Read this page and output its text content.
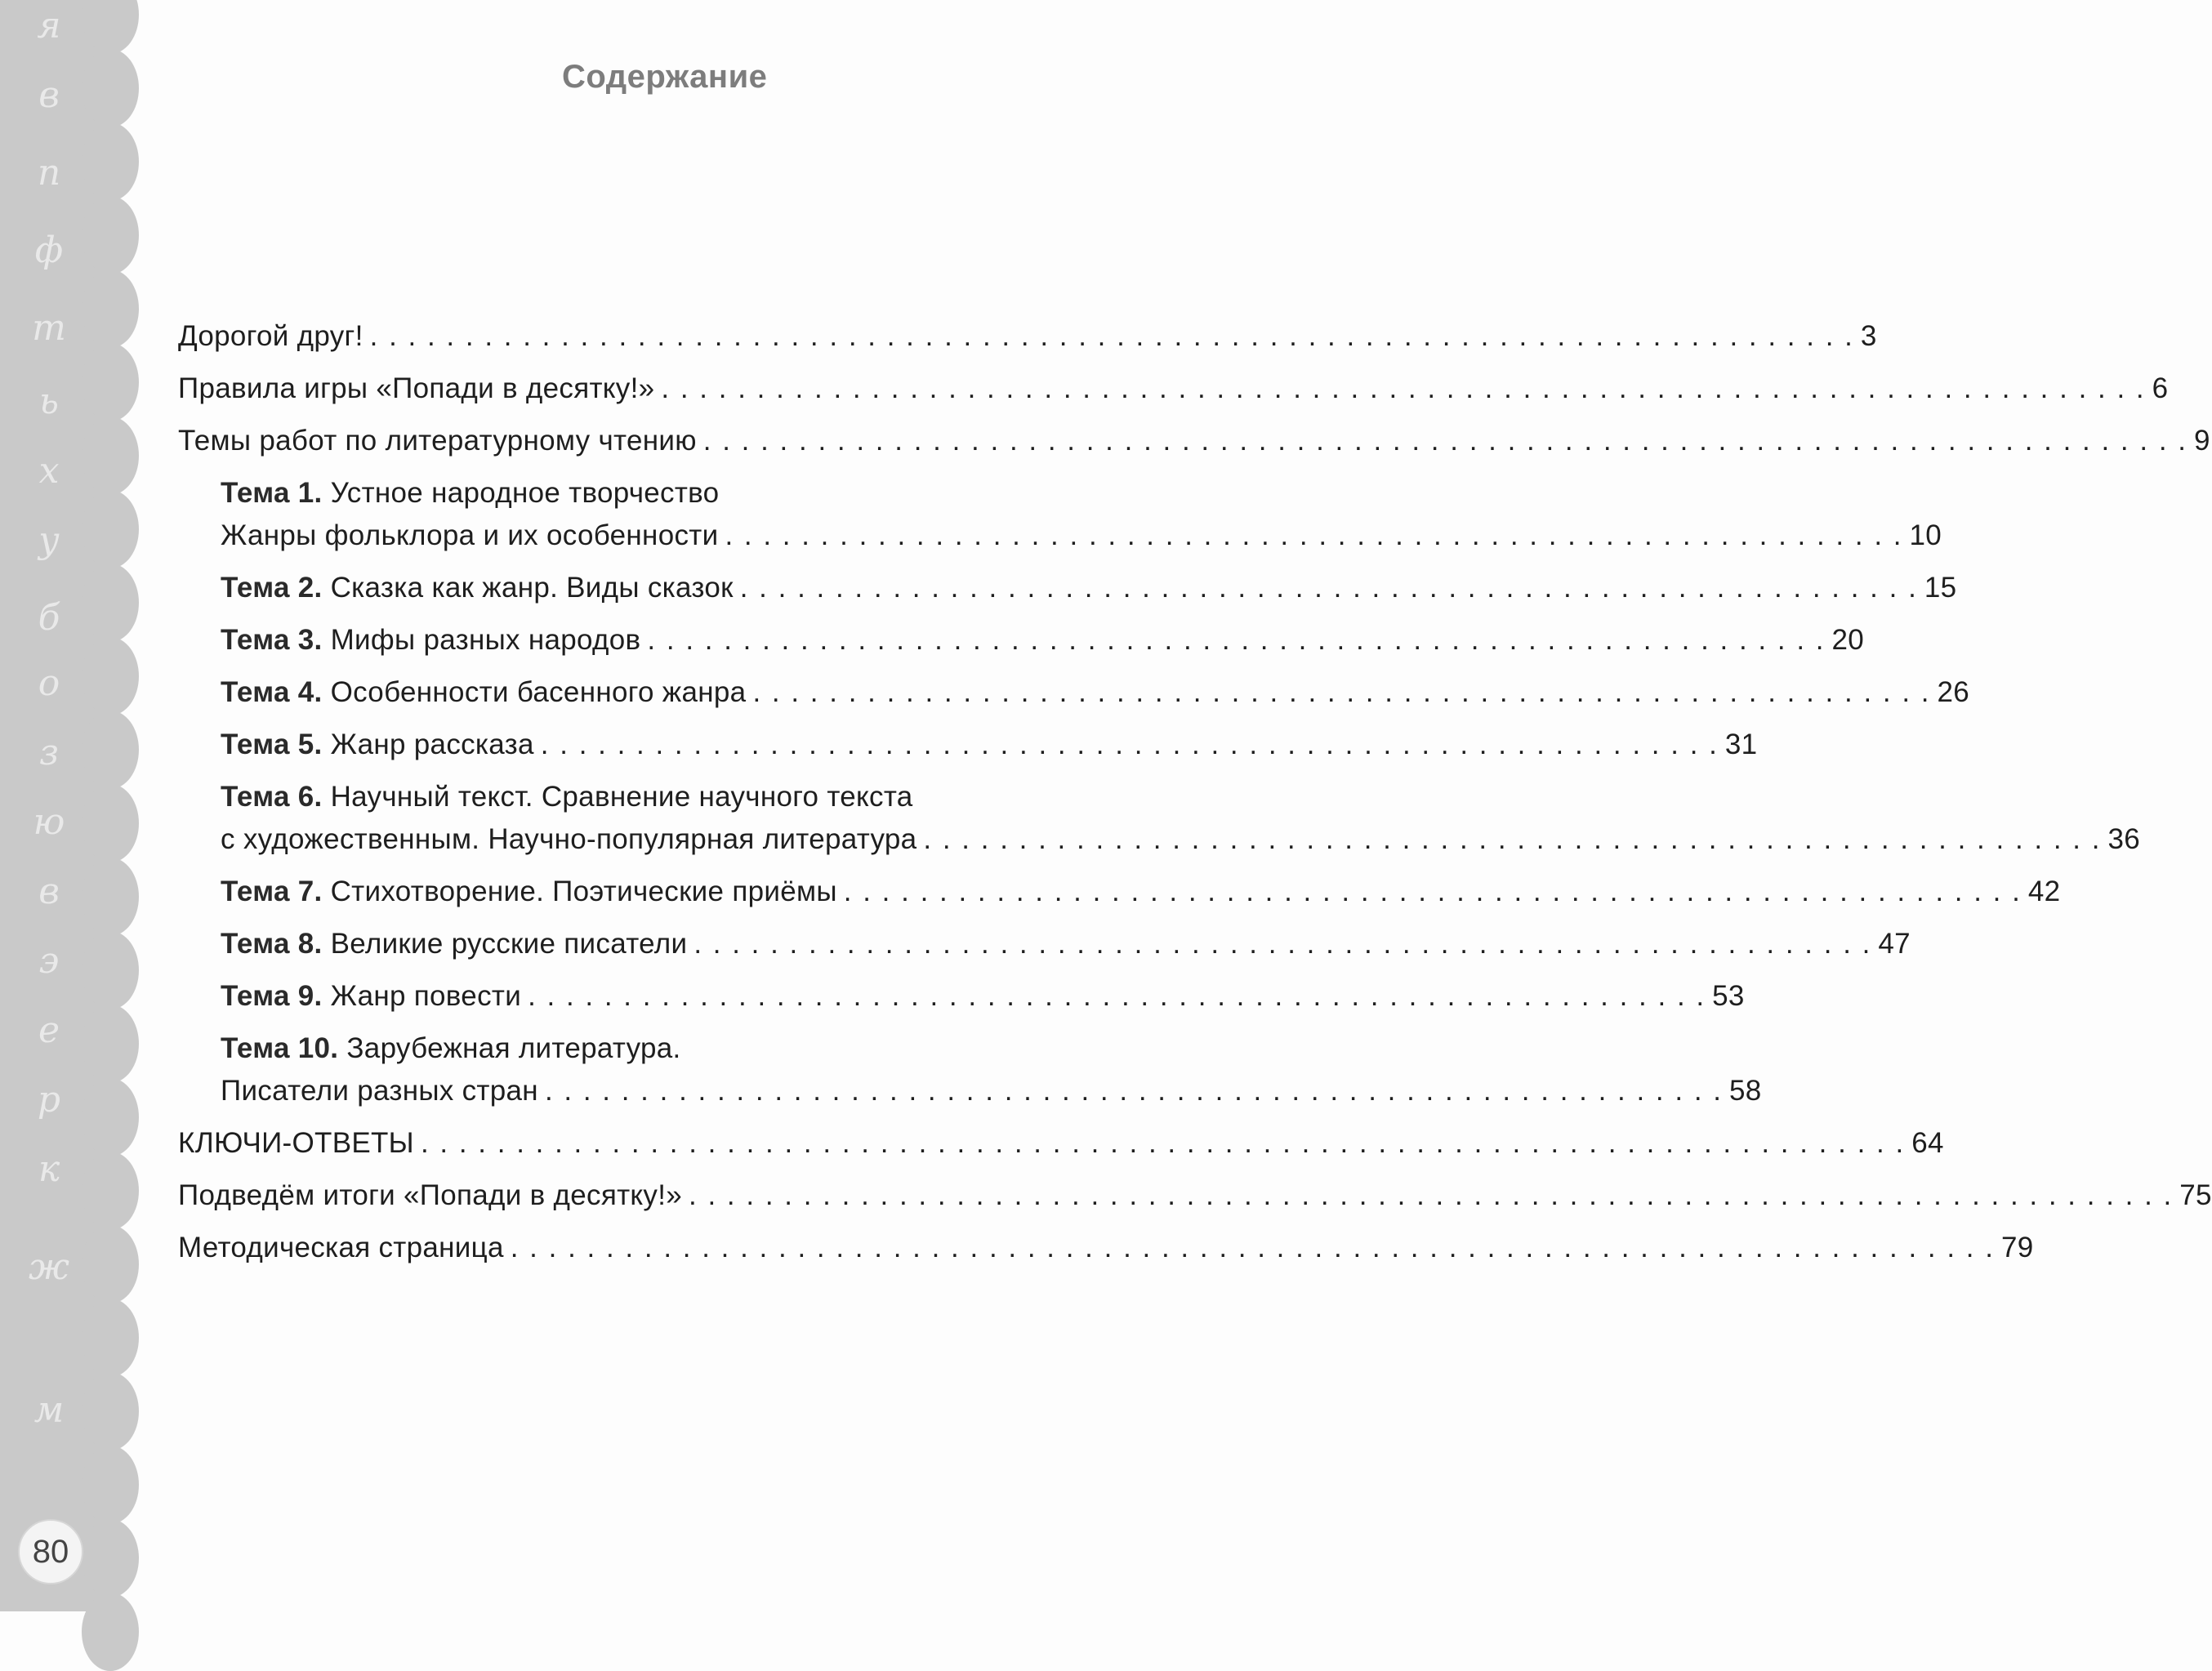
я
в
п
ф
т
ь
х
у
б
о
з
ю
в
э
е
р
к
ж
м
80
Содержание
Дорогой друг! . . . . . . . . . . . . . . . . . . . . . . . . . . . . . . . . . . . . . . . . . . . . . . . . . . . . . . . . . . . . . . . . . . . . . . . . . . . . . . 3
Правила игры «Попади в десятку!» . . . . . . . . . . . . . . . . . . . . . . . . . . . . . . . . . . . . . . . . . . . . . . . . . . . . . . . . . . . . . . . . . . . . . . . . . . . . . . 6
Темы работ по литературному чтению . . . . . . . . . . . . . . . . . . . . . . . . . . . . . . . . . . . . . . . . . . . . . . . . . . . . . . . . . . . . . . . . . . . . . . . . . . . . . . 9
Тема 1. Устное народное творчество
Жанры фольклора и их особенности . . . . . . . . . . . . . . . . . . . . . . . . . . . . . . . . . . . . . . . . . . . . . . . . . . . . . . . . . . . . . . 10
Тема 2. Сказка как жанр. Виды сказок . . . . . . . . . . . . . . . . . . . . . . . . . . . . . . . . . . . . . . . . . . . . . . . . . . . . . . . . . . . . . . 15
Тема 3. Мифы разных народов . . . . . . . . . . . . . . . . . . . . . . . . . . . . . . . . . . . . . . . . . . . . . . . . . . . . . . . . . . . . . . 20
Тема 4. Особенности басенного жанра . . . . . . . . . . . . . . . . . . . . . . . . . . . . . . . . . . . . . . . . . . . . . . . . . . . . . . . . . . . . . . 26
Тема 5. Жанр рассказа . . . . . . . . . . . . . . . . . . . . . . . . . . . . . . . . . . . . . . . . . . . . . . . . . . . . . . . . . . . . . . 31
Тема 6. Научный текст. Сравнение научного текста
с художественным. Научно-популярная литература . . . . . . . . . . . . . . . . . . . . . . . . . . . . . . . . . . . . . . . . . . . . . . . . . . . . . . . . . . . . . . 36
Тема 7. Стихотворение. Поэтические приёмы . . . . . . . . . . . . . . . . . . . . . . . . . . . . . . . . . . . . . . . . . . . . . . . . . . . . . . . . . . . . . . 42
Тема 8. Великие русские писатели . . . . . . . . . . . . . . . . . . . . . . . . . . . . . . . . . . . . . . . . . . . . . . . . . . . . . . . . . . . . . . 47
Тема 9. Жанр повести . . . . . . . . . . . . . . . . . . . . . . . . . . . . . . . . . . . . . . . . . . . . . . . . . . . . . . . . . . . . . . 53
Тема 10. Зарубежная литература.
Писатели разных стран . . . . . . . . . . . . . . . . . . . . . . . . . . . . . . . . . . . . . . . . . . . . . . . . . . . . . . . . . . . . . . 58
КЛЮЧИ-ОТВЕТЫ . . . . . . . . . . . . . . . . . . . . . . . . . . . . . . . . . . . . . . . . . . . . . . . . . . . . . . . . . . . . . . . . . . . . . . . . . . . . . . 64
Подведём итоги «Попади в десятку!» . . . . . . . . . . . . . . . . . . . . . . . . . . . . . . . . . . . . . . . . . . . . . . . . . . . . . . . . . . . . . . . . . . . . . . . . . . . . . . 75
Методическая страница . . . . . . . . . . . . . . . . . . . . . . . . . . . . . . . . . . . . . . . . . . . . . . . . . . . . . . . . . . . . . . . . . . . . . . . . . . . . . . 79
